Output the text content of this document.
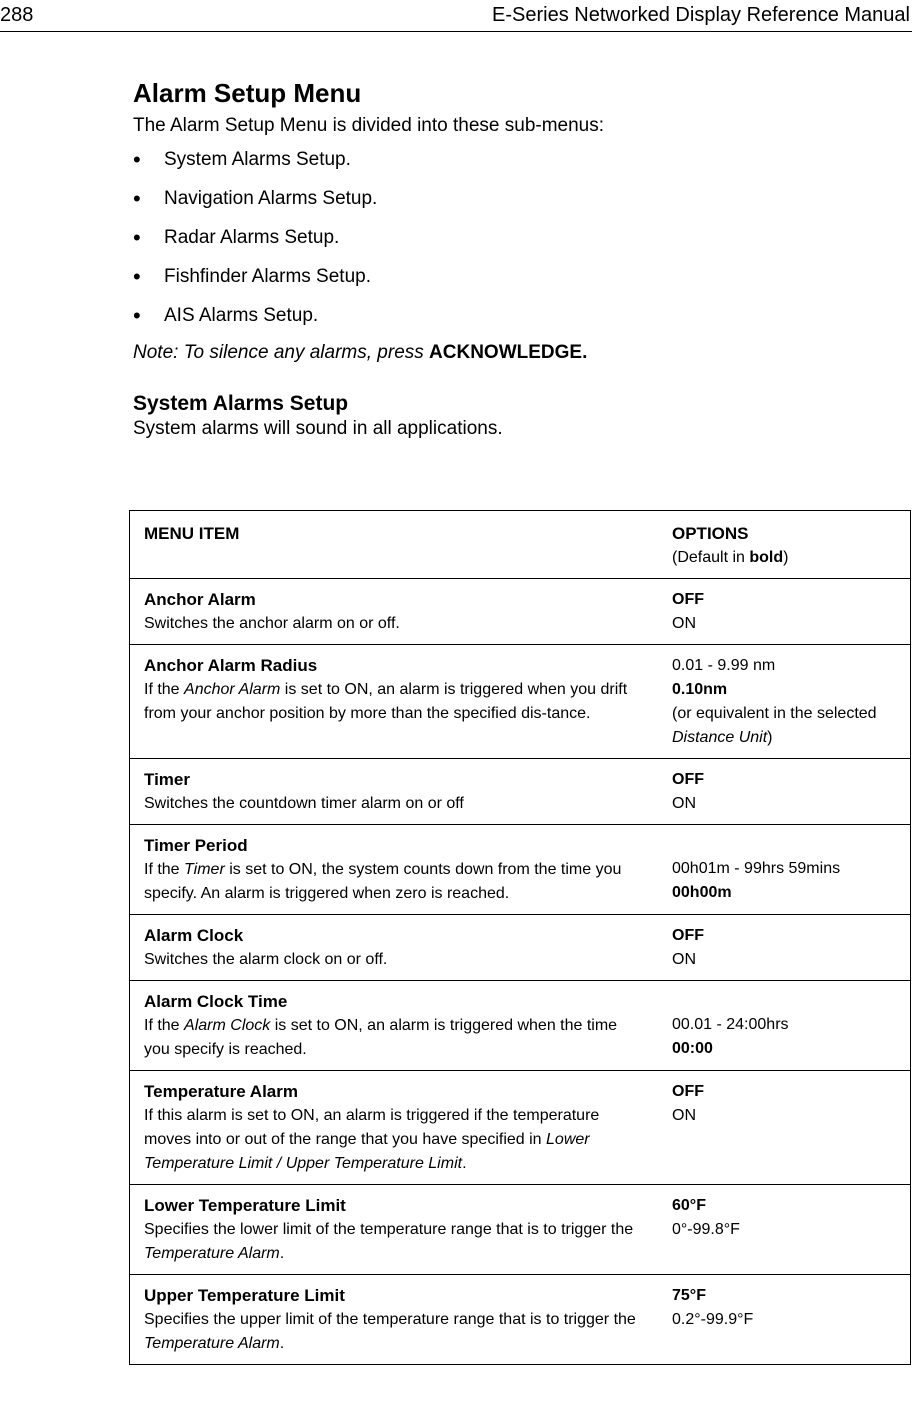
288	E-Series Networked Display Reference Manual
Alarm Setup Menu

The Alarm Setup Menu is divided into these sub-menus:

• System Alarms Setup.
• Navigation Alarms Setup.
• Radar Alarms Setup.
• Fishfinder Alarms Setup.
• AIS Alarms Setup.

Note: To silence any alarms, press ACKNOWLEDGE.

System Alarms Setup

System alarms will sound in all applications.

MENU ITEM	OPTIONS
(Default in bold)

Anchor Alarm
Switches the anchor alarm on or off.	OFF
ON

Anchor Alarm Radius
If the Anchor Alarm is set to ON, an alarm is triggered when you drift from your anchor position by more than the specified dis-tance.	0.01 - 9.99 nm
0.10nm
(or equivalent in the selected Distance Unit)

Timer
Switches the countdown timer alarm on or off	OFF
ON

Timer Period
If the Timer is set to ON, the system counts down from the time you specify. An alarm is triggered when zero is reached.	00h01m - 99hrs 59mins
00h00m

Alarm Clock
Switches the alarm clock on or off.	OFF
ON

Alarm Clock Time
If the Alarm Clock is set to ON, an alarm is triggered when the time you specify is reached.	00.01 - 24:00hrs
00:00

Temperature Alarm
If this alarm is set to ON, an alarm is triggered if the temperature moves into or out of the range that you have specified in Lower Temperature Limit / Upper Temperature Limit.	OFF
ON

Lower Temperature Limit
Specifies the lower limit of the temperature range that is to trigger the Temperature Alarm.	60°F
0°-99.8°F

Upper Temperature Limit
Specifies the upper limit of the temperature range that is to trigger the Temperature Alarm.	75°F
0.2°-99.9°F
